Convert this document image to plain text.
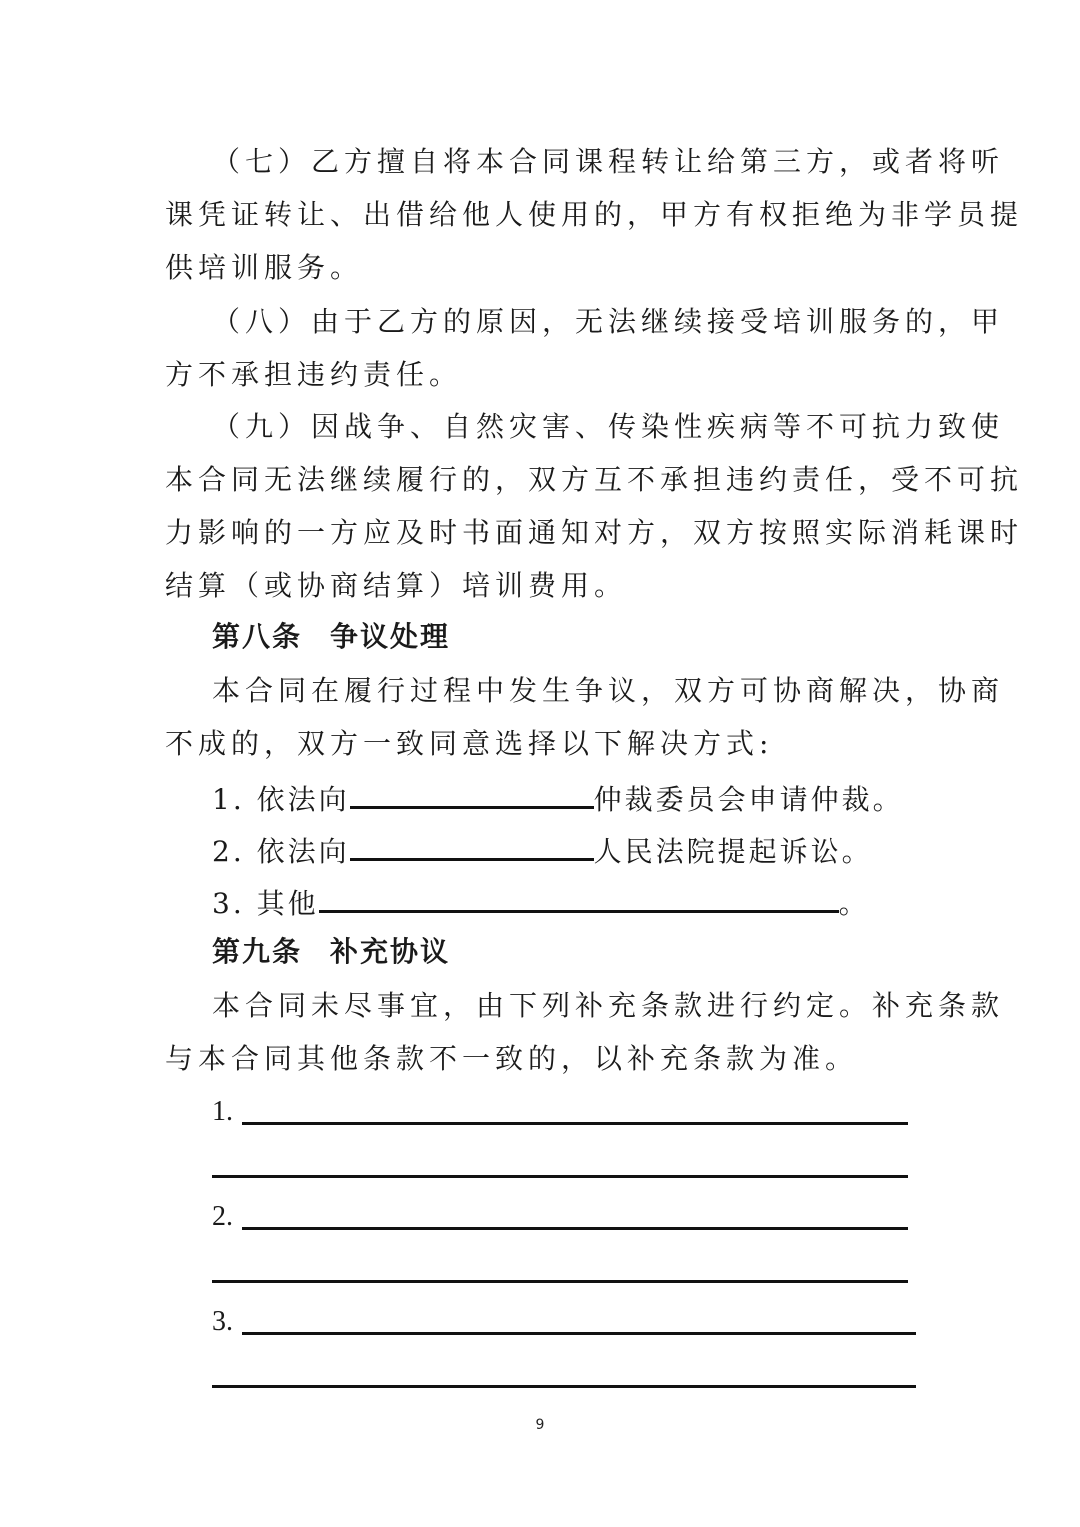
（七）乙方擅自将本合同课程转让给第三方，或者将听
课凭证转让、出借给他人使用的，甲方有权拒绝为非学员提
供培训服务。
（八）由于乙方的原因，无法继续接受培训服务的，甲
方不承担违约责任。
（九）因战争、自然灾害、传染性疾病等不可抗力致使
本合同无法继续履行的，双方互不承担违约责任，受不可抗
力影响的一方应及时书面通知对方，双方按照实际消耗课时
结算（或协商结算）培训费用。
第八条 争议处理
本合同在履行过程中发生争议，双方可协商解决，协商
不成的，双方一致同意选择以下解决方式:
1. 依法向	仲裁委员会申请仲裁。
2. 依法向	人民法院提起诉讼。
3. 其他	。
第九条 补充协议
本合同未尽事宜，由下列补充条款进行约定。补充条款
与本合同其他条款不一致的，以补充条款为准。
1.
2.
3.
9
